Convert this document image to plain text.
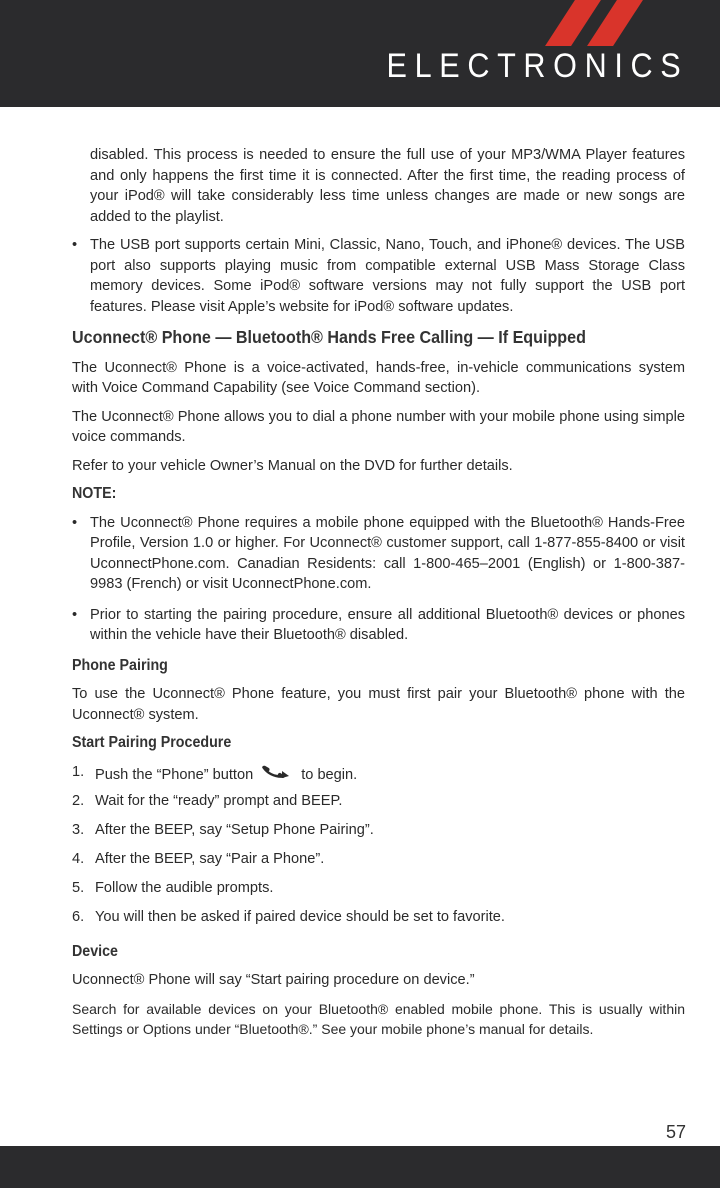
ELECTRONICS

disabled. This process is needed to ensure the full use of your MP3/WMA Player features and only happens the first time it is connected. After the first time, the reading process of your iPod® will take considerably less time unless changes are made or new songs are added to the playlist.

• The USB port supports certain Mini, Classic, Nano, Touch, and iPhone® devices. The USB port also supports playing music from compatible external USB Mass Storage Class memory devices. Some iPod® software versions may not fully support the USB port features. Please visit Apple’s website for iPod® software updates.
Uconnect® Phone — Bluetooth® Hands Free Calling — If Equipped

The Uconnect® Phone is a voice-activated, hands-free, in-vehicle communications system with Voice Command Capability (see Voice Command section).

The Uconnect® Phone allows you to dial a phone number with your mobile phone using simple voice commands.

Refer to your vehicle Owner’s Manual on the DVD for further details.

NOTE:
• The Uconnect® Phone requires a mobile phone equipped with the Bluetooth® Hands-Free Profile, Version 1.0 or higher. For Uconnect® customer support, call 1-877-855-8400 or visit UconnectPhone.com. Canadian Residents: call 1-800-465–2001 (English) or 1-800-387-9983 (French) or visit UconnectPhone.com.
• Prior to starting the pairing procedure, ensure all additional Bluetooth® devices or phones within the vehicle have their Bluetooth® disabled.
Phone Pairing

To use the Uconnect® Phone feature, you must first pair your Bluetooth® phone with the Uconnect® system.

Start Pairing Procedure
1. Push the “Phone” button	to begin.
2. Wait for the “ready” prompt and BEEP.
3. After the BEEP, say “Setup Phone Pairing”.
4. After the BEEP, say “Pair a Phone”.
5. Follow the audible prompts.
6. You will then be asked if paired device should be set to favorite.
Device

Uconnect® Phone will say “Start pairing procedure on device.”

Search for available devices on your Bluetooth® enabled mobile phone. This is usually within Settings or Options under “Bluetooth®.” See your mobile phone’s manual for details.

57
